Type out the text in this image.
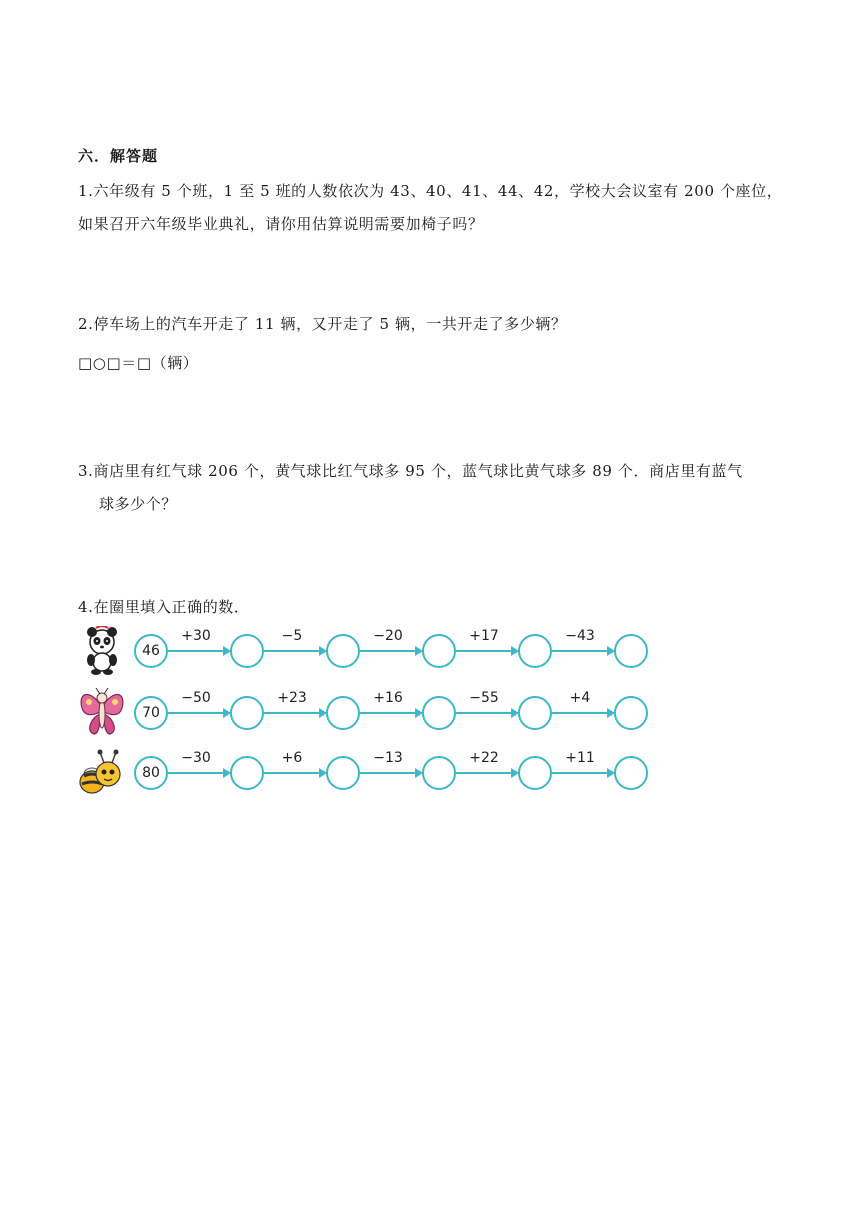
六．解答题
1.六年级有 5 个班，1 至 5 班的人数依次为 43、40、41、44、42，学校大会议室有 200 个座位，
如果召开六年级毕业典礼，请你用估算说明需要加椅子吗？
2.停车场上的汽车开走了 11 辆，又开走了 5 辆，一共开走了多少辆？
□○□＝□（辆）
3.商店里有红气球 206 个，黄气球比红气球多 95 个，蓝气球比黄气球多 89 个．商店里有蓝气
球多少个？
4.在圈里填入正确的数．
46
+30	−5	−20	+17	−43
70
−50	+23	+16	−55	+4
80
−30	+6	−13	+22	+11
